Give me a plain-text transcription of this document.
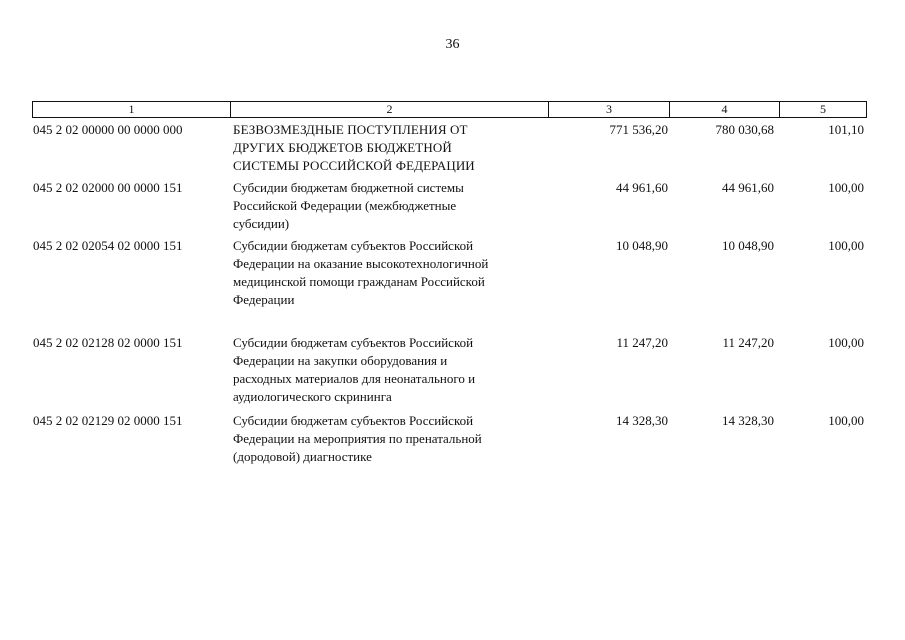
36
1	2	3	4	5
045 2 02 00000 00 0000 000	БЕЗВОЗМЕЗДНЫЕ ПОСТУПЛЕНИЯ ОТ
ДРУГИХ БЮДЖЕТОВ БЮДЖЕТНОЙ
СИСТЕМЫ РОССИЙСКОЙ ФЕДЕРАЦИИ
771 536,20	780 030,68	101,10
045 2 02 02000 00 0000 151	Субсидии бюджетам бюджетной системы
Российской Федерации (межбюджетные
субсидии)
44 961,60	44 961,60	100,00
045 2 02 02054 02 0000 151	Субсидии бюджетам субъектов Российской
Федерации на оказание высокотехнологичной
медицинской помощи гражданам Российской
Федерации
10 048,90	10 048,90	100,00
045 2 02 02128 02 0000 151	Субсидии бюджетам субъектов Российской
Федерации на закупки оборудования и
расходных материалов для неонатального и
аудиологического скрининга
11 247,20	11 247,20	100,00
045 2 02 02129 02 0000 151	Субсидии бюджетам субъектов Российской
Федерации на мероприятия по пренатальной
(дородовой) диагностике
14 328,30	14 328,30	100,00
